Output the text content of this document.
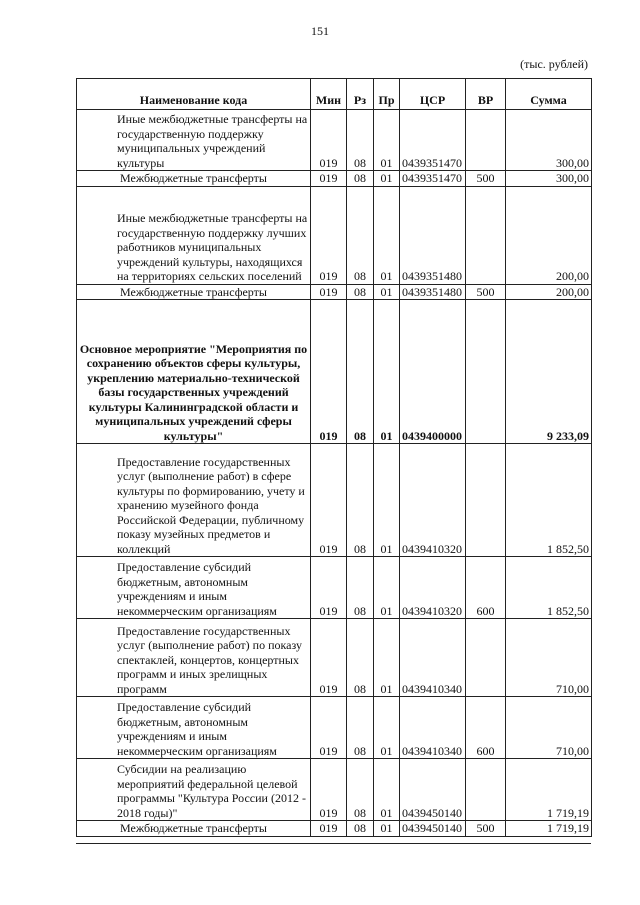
151
(тыс. рублей)
Наименование кода	Мин	Рз	Пр	ЦСР	ВР	Сумма
Иные межбюджетные трансферты на государственную поддержку муниципальных учреждений культуры	019	08	01	0439351470		300,00
Межбюджетные трансферты	019	08	01	0439351470	500	300,00
Иные межбюджетные трансферты на государственную поддержку лучших работников муниципальных учреждений культуры, находящихся на территориях сельских поселений	019	08	01	0439351480		200,00
Межбюджетные трансферты	019	08	01	0439351480	500	200,00
Основное мероприятие "Мероприятия по сохранению объектов сферы культуры, укреплению материально-технической базы государственных учреждений культуры Калининградской области и муниципальных учреждений сферы культуры"	019	08	01	0439400000		9 233,09
Предоставление государственных услуг (выполнение работ) в сфере культуры по формированию, учету и хранению музейного фонда Российской Федерации, публичному показу музейных предметов и коллекций	019	08	01	0439410320		1 852,50
Предоставление субсидий бюджетным, автономным учреждениям и иным некоммерческим организациям	019	08	01	0439410320	600	1 852,50
Предоставление государственных услуг (выполнение работ) по показу спектаклей, концертов, концертных программ и иных зрелищных программ	019	08	01	0439410340		710,00
Предоставление субсидий бюджетным, автономным учреждениям и иным некоммерческим организациям	019	08	01	0439410340	600	710,00
Субсидии на реализацию мероприятий федеральной целевой программы "Культура России (2012 - 2018 годы)"	019	08	01	0439450140		1 719,19
Межбюджетные трансферты	019	08	01	0439450140	500	1 719,19
